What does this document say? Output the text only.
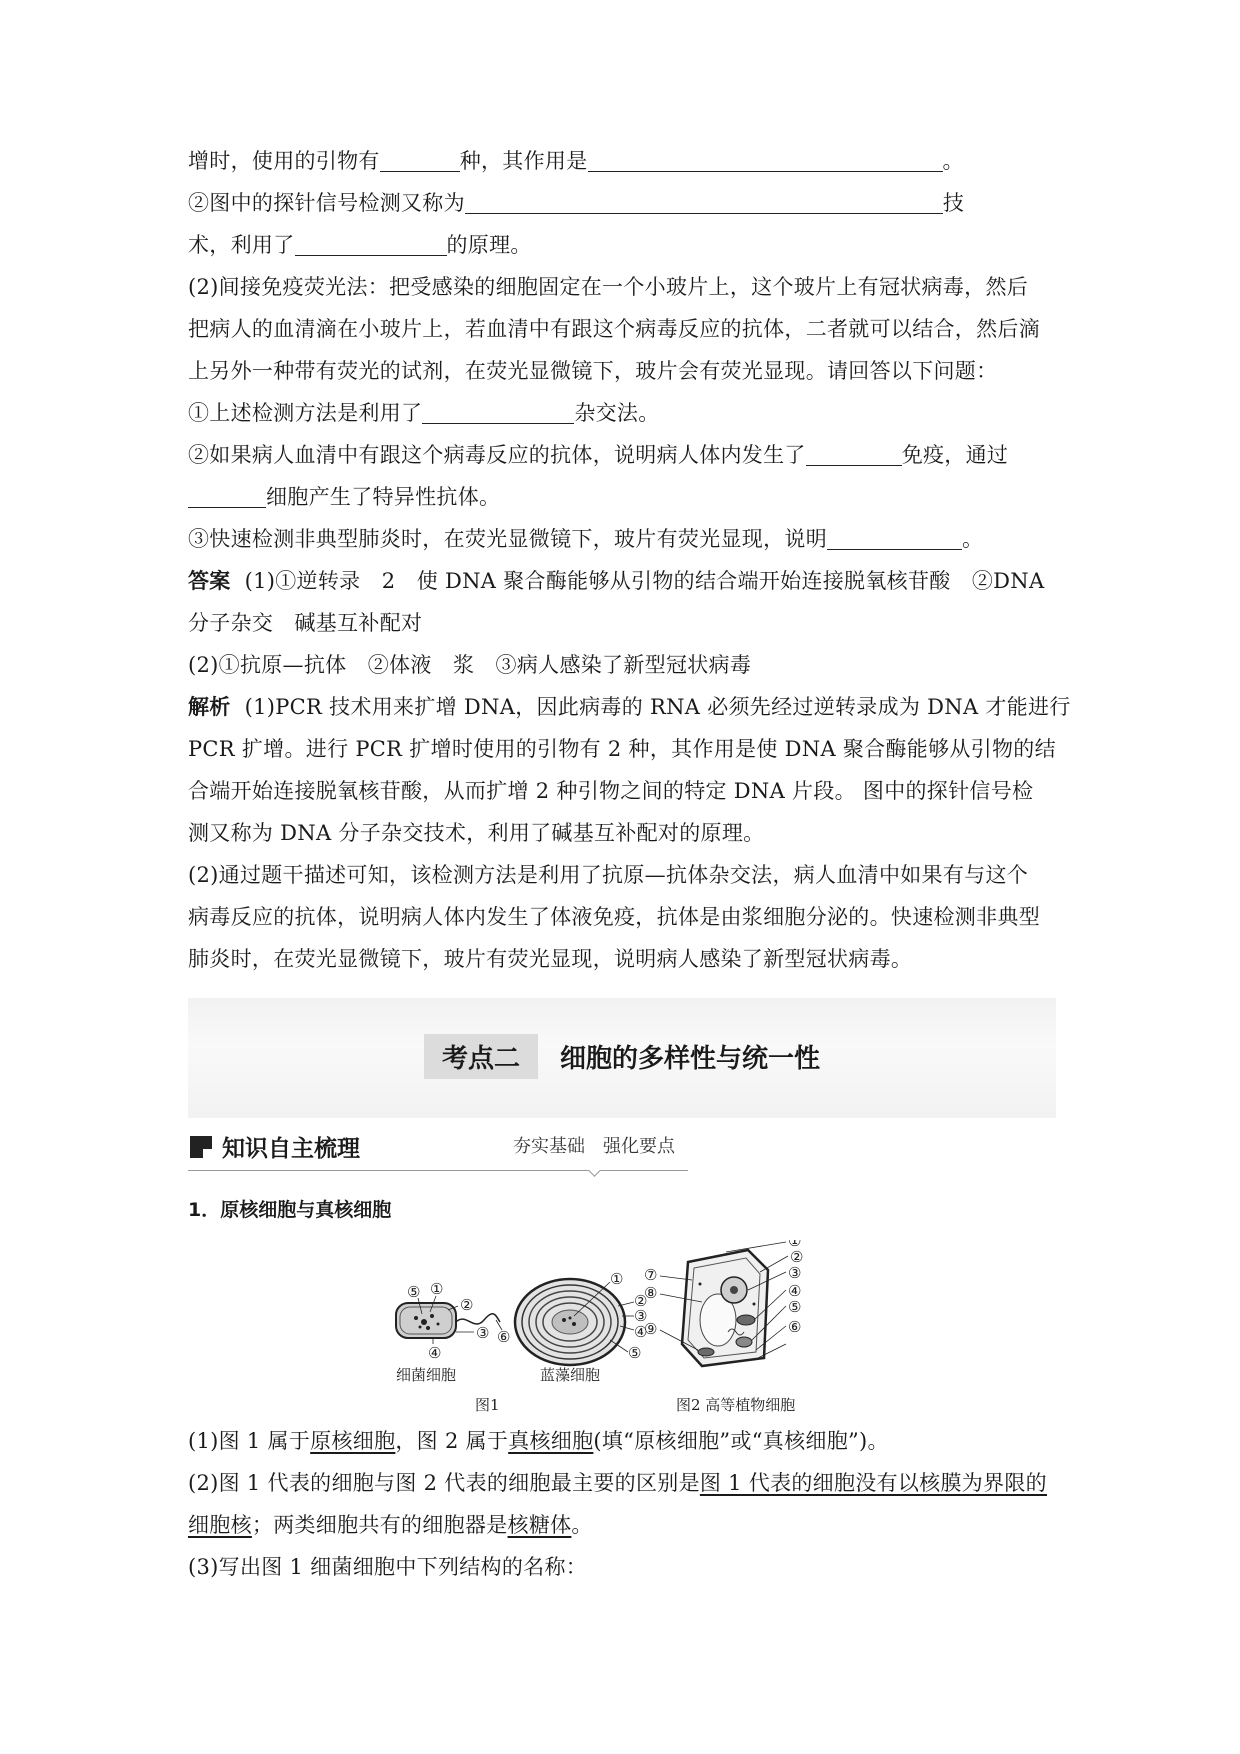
增时，使用的引物有	种，其作用是	。
②图中的探针信号检测又称为	技
术，利用了	的原理。
(2)间接免疫荧光法：把受感染的细胞固定在一个小玻片上，这个玻片上有冠状病毒，然后
把病人的血清滴在小玻片上，若血清中有跟这个病毒反应的抗体，二者就可以结合，然后滴
上另外一种带有荧光的试剂，在荧光显微镜下，玻片会有荧光显现。请回答以下问题：
①上述检测方法是利用了	杂交法。
②如果病人血清中有跟这个病毒反应的抗体，说明病人体内发生了	免疫，通过
细胞产生了特异性抗体。
③快速检测非典型肺炎时，在荧光显微镜下，玻片有荧光显现，说明	。
答案 (1)①逆转录　2　使 DNA 聚合酶能够从引物的结合端开始连接脱氧核苷酸　②DNA
分子杂交　碱基互补配对
(2)①抗原—抗体　②体液　浆　③病人感染了新型冠状病毒
解析 (1)PCR 技术用来扩增 DNA，因此病毒的 RNA 必须先经过逆转录成为 DNA 才能进行
PCR 扩增。进行 PCR 扩增时使用的引物有 2 种，其作用是使 DNA 聚合酶能够从引物的结
合端开始连接脱氧核苷酸，从而扩增 2 种引物之间的特定 DNA 片段。 图中的探针信号检
测又称为 DNA 分子杂交技术，利用了碱基互补配对的原理。
(2)通过题干描述可知，该检测方法是利用了抗原—抗体杂交法，病人血清中如果有与这个
病毒反应的抗体，说明病人体内发生了体液免疫，抗体是由浆细胞分泌的。快速检测非典型
肺炎时，在荧光显微镜下，玻片有荧光显现，说明病人感染了新型冠状病毒。
考点二 细胞的多样性与统一性
知识自主梳理	夯实基础　强化要点
1．原核细胞与真核细胞
⑤ ①
②
③ ⑥
④
细菌细胞
①
②
③
④
⑤
蓝藻细胞
图1
①
②
③
④
⑤
⑥
⑦
⑧
⑨
图2 高等植物细胞
(1)图 1 属于原核细胞，图 2 属于真核细胞(填“原核细胞”或“真核细胞”)。
(2)图 1 代表的细胞与图 2 代表的细胞最主要的区别是图 1 代表的细胞没有以核膜为界限的
细胞核；两类细胞共有的细胞器是核糖体。
(3)写出图 1 细菌细胞中下列结构的名称：
